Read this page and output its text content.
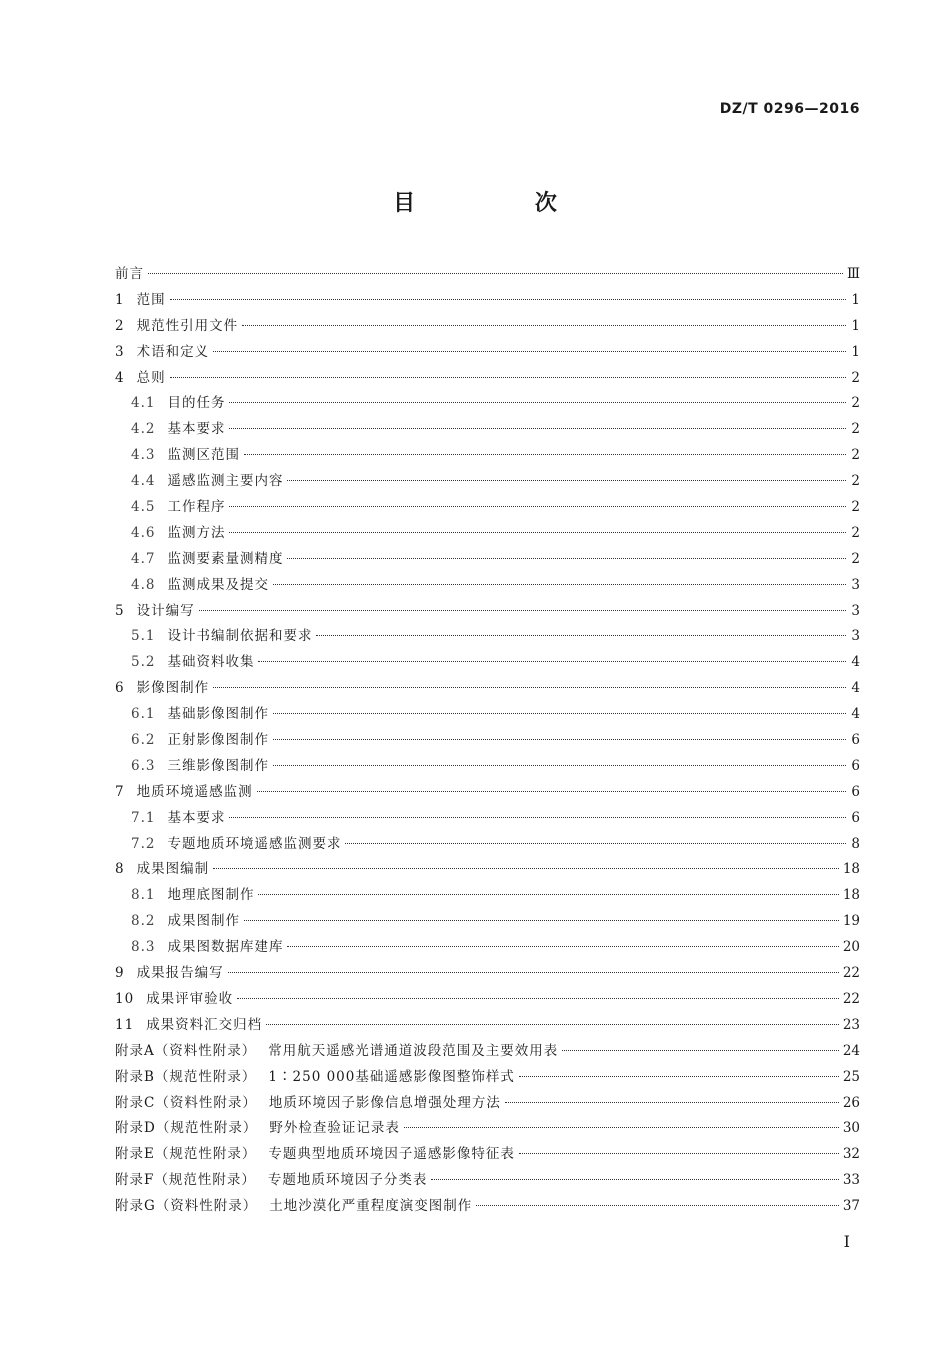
DZ/T 0296—2016
目 次
前言	Ⅲ
1 范围	1
2 规范性引用文件	1
3 术语和定义	1
4 总则	2
4.1 目的任务	2
4.2 基本要求	2
4.3 监测区范围	2
4.4 遥感监测主要内容	2
4.5 工作程序	2
4.6 监测方法	2
4.7 监测要素量测精度	2
4.8 监测成果及提交	3
5 设计编写	3
5.1 设计书编制依据和要求	3
5.2 基础资料收集	4
6 影像图制作	4
6.1 基础影像图制作	4
6.2 正射影像图制作	6
6.3 三维影像图制作	6
7 地质环境遥感监测	6
7.1 基本要求	6
7.2 专题地质环境遥感监测要求	8
8 成果图编制	18
8.1 地理底图制作	18
8.2 成果图制作	19
8.3 成果图数据库建库	20
9 成果报告编写	22
10 成果评审验收	22
11 成果资料汇交归档	23
附录A（资料性附录） 常用航天遥感光谱通道波段范围及主要效用表	24
附录B（规范性附录） 1∶250 000基础遥感影像图整饰样式	25
附录C（资料性附录） 地质环境因子影像信息增强处理方法	26
附录D（规范性附录） 野外检查验证记录表	30
附录E（规范性附录） 专题典型地质环境因子遥感影像特征表	32
附录F（规范性附录） 专题地质环境因子分类表	33
附录G（资料性附录） 土地沙漠化严重程度演变图制作	37
Ⅰ
